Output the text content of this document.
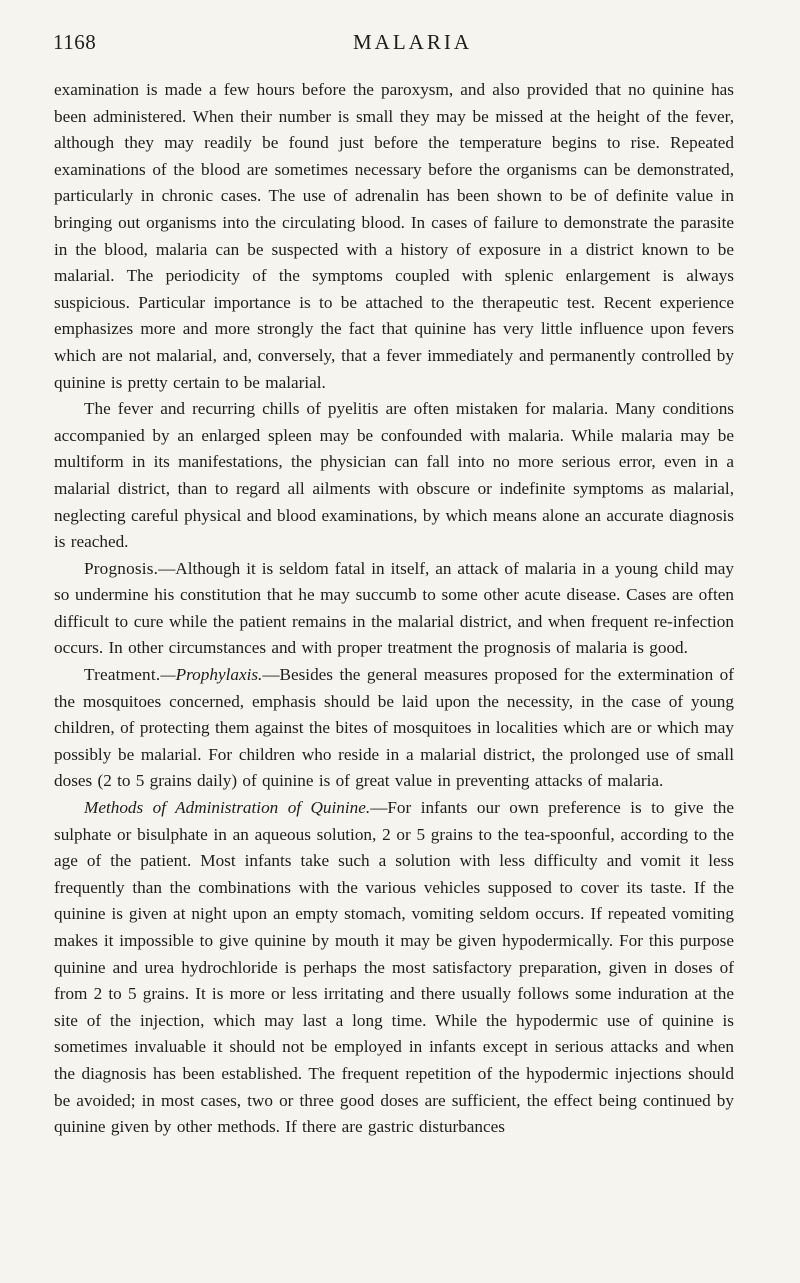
1168	MALARIA

examination is made a few hours before the paroxysm, and also provided that no quinine has been administered. When their number is small they may be missed at the height of the fever, although they may readily be found just before the temperature begins to rise. Repeated examinations of the blood are sometimes necessary before the organisms can be demonstrated, particularly in chronic cases. The use of adrenalin has been shown to be of definite value in bringing out organisms into the circulating blood. In cases of failure to demonstrate the parasite in the blood, malaria can be suspected with a history of exposure in a district known to be malarial. The periodicity of the symptoms coupled with splenic enlargement is always suspicious. Particular importance is to be attached to the therapeutic test. Recent experience emphasizes more and more strongly the fact that quinine has very little influence upon fevers which are not malarial, and, conversely, that a fever immediately and permanently controlled by quinine is pretty certain to be malarial.

The fever and recurring chills of pyelitis are often mistaken for malaria. Many conditions accompanied by an enlarged spleen may be confounded with malaria. While malaria may be multiform in its manifestations, the physician can fall into no more serious error, even in a malarial district, than to regard all ailments with obscure or indefinite symptoms as malarial, neglecting careful physical and blood examinations, by which means alone an accurate diagnosis is reached.

Prognosis.—Although it is seldom fatal in itself, an attack of malaria in a young child may so undermine his constitution that he may succumb to some other acute disease. Cases are often difficult to cure while the patient remains in the malarial district, and when frequent re-infection occurs. In other circumstances and with proper treatment the prognosis of malaria is good.

Treatment.—Prophylaxis.—Besides the general measures proposed for the extermination of the mosquitoes concerned, emphasis should be laid upon the necessity, in the case of young children, of protecting them against the bites of mosquitoes in localities which are or which may possibly be malarial. For children who reside in a malarial district, the prolonged use of small doses (2 to 5 grains daily) of quinine is of great value in preventing attacks of malaria.

Methods of Administration of Quinine.—For infants our own preference is to give the sulphate or bisulphate in an aqueous solution, 2 or 5 grains to the tea-spoonful, according to the age of the patient. Most infants take such a solution with less difficulty and vomit it less frequently than the combinations with the various vehicles supposed to cover its taste. If the quinine is given at night upon an empty stomach, vomiting seldom occurs. If repeated vomiting makes it impossible to give quinine by mouth it may be given hypodermically. For this purpose quinine and urea hydrochloride is perhaps the most satisfactory preparation, given in doses of from 2 to 5 grains. It is more or less irritating and there usually follows some induration at the site of the injection, which may last a long time. While the hypodermic use of quinine is sometimes invaluable it should not be employed in infants except in serious attacks and when the diagnosis has been established. The frequent repetition of the hypodermic injections should be avoided; in most cases, two or three good doses are sufficient, the effect being continued by quinine given by other methods. If there are gastric disturbances
